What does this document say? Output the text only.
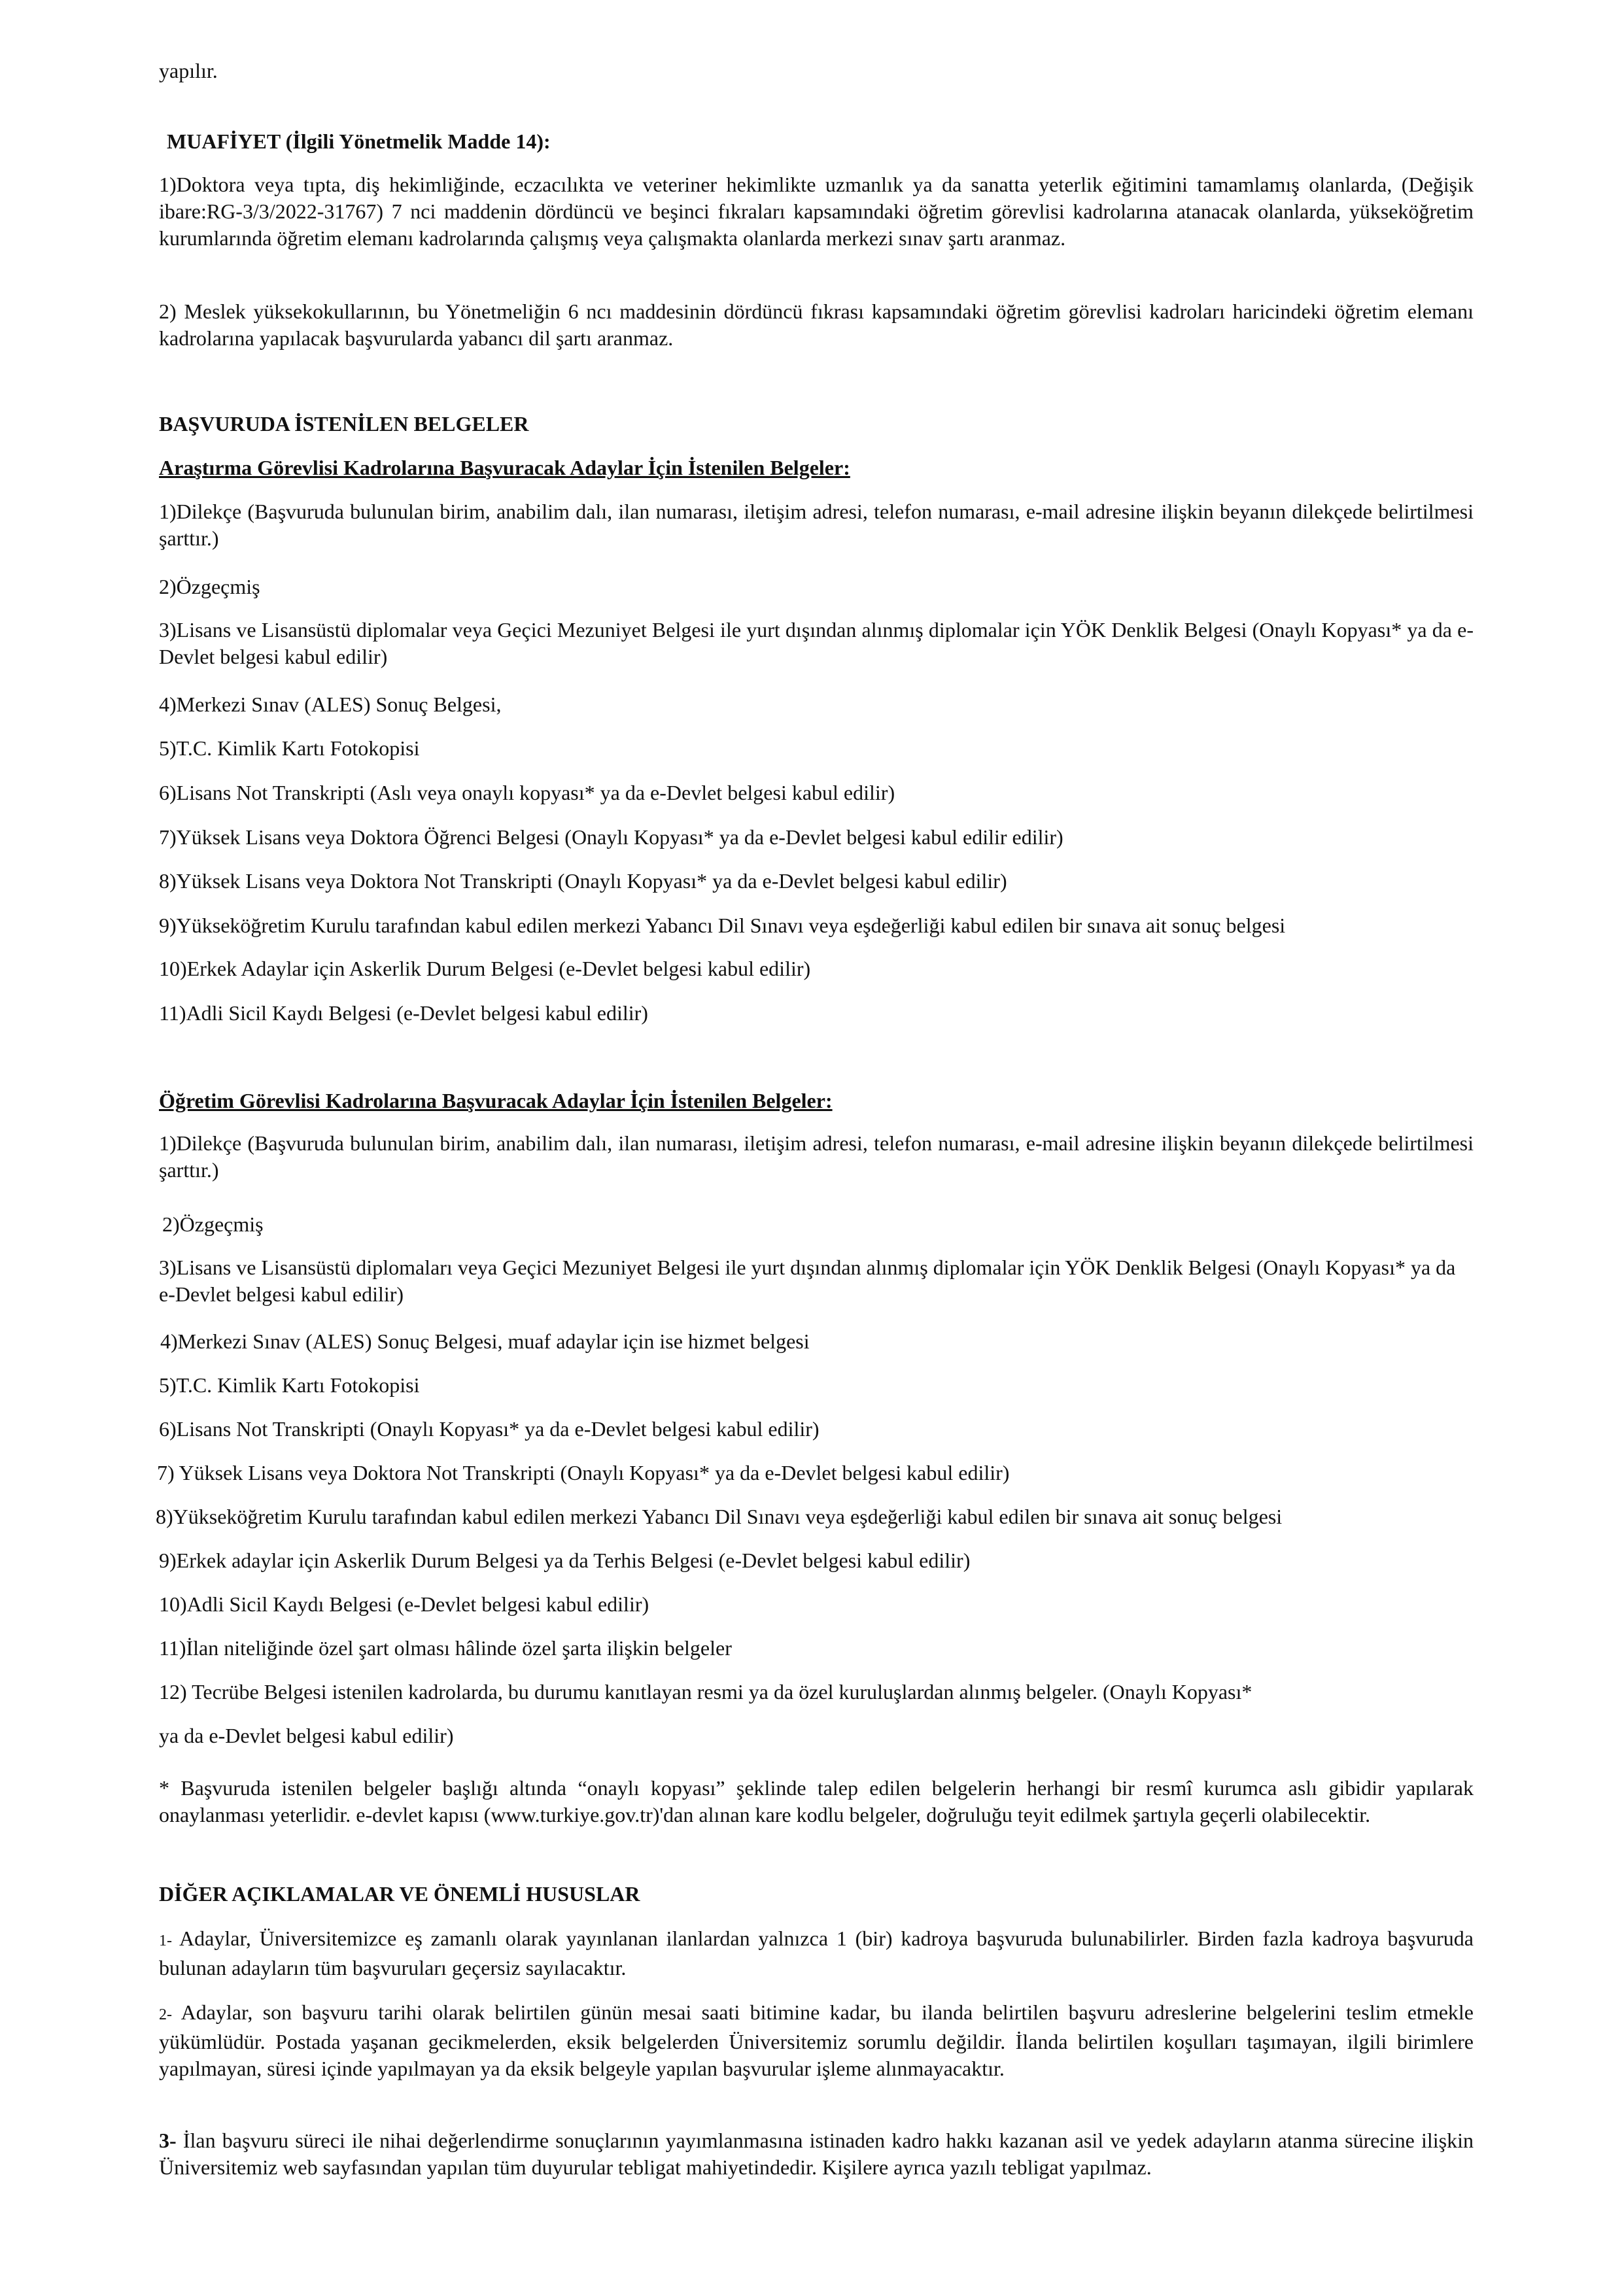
yapılır.

MUAFİYET (İlgili Yönetmelik Madde 14):

1)Doktora veya tıpta, diş hekimliğinde, eczacılıkta ve veteriner hekimlikte uzmanlık ya da sanatta yeterlik eğitimini tamamlamış olanlarda, (Değişik ibare:RG-3/3/2022-31767) 7 nci maddenin dördüncü ve beşinci fıkraları kapsamındaki öğretim görevlisi kadrolarına atanacak olanlarda, yükseköğretim kurumlarında öğretim elemanı kadrolarında çalışmış veya çalışmakta olanlarda merkezi sınav şartı aranmaz.

2) Meslek yüksekokullarının, bu Yönetmeliğin 6 ncı maddesinin dördüncü fıkrası kapsamındaki öğretim görevlisi kadroları haricindeki öğretim elemanı kadrolarına yapılacak başvurularda yabancı dil şartı aranmaz.

BAŞVURUDA İSTENİLEN BELGELER

Araştırma Görevlisi Kadrolarına Başvuracak Adaylar İçin İstenilen Belgeler:

1)Dilekçe (Başvuruda bulunulan birim, anabilim dalı, ilan numarası, iletişim adresi, telefon numarası, e-mail adresine ilişkin beyanın dilekçede belirtilmesi şarttır.)

2)Özgeçmiş

3)Lisans ve Lisansüstü diplomalar veya Geçici Mezuniyet Belgesi ile yurt dışından alınmış diplomalar için YÖK Denklik Belgesi (Onaylı Kopyası* ya da e-Devlet belgesi kabul edilir)

4)Merkezi Sınav (ALES) Sonuç Belgesi,

5)T.C. Kimlik Kartı Fotokopisi

6)Lisans Not Transkripti (Aslı veya onaylı kopyası* ya da e-Devlet belgesi kabul edilir)

7)Yüksek Lisans veya Doktora Öğrenci Belgesi (Onaylı Kopyası* ya da e-Devlet belgesi kabul edilir edilir)

8)Yüksek Lisans veya Doktora Not Transkripti (Onaylı Kopyası* ya da e-Devlet belgesi kabul edilir)

9)Yükseköğretim Kurulu tarafından kabul edilen merkezi Yabancı Dil Sınavı veya eşdeğerliği kabul edilen bir sınava ait sonuç belgesi

10)Erkek Adaylar için Askerlik Durum Belgesi (e-Devlet belgesi kabul edilir)

11)Adli Sicil Kaydı Belgesi (e-Devlet belgesi kabul edilir)

Öğretim Görevlisi Kadrolarına Başvuracak Adaylar İçin İstenilen Belgeler:

1)Dilekçe (Başvuruda bulunulan birim, anabilim dalı, ilan numarası, iletişim adresi, telefon numarası, e-mail adresine ilişkin beyanın dilekçede belirtilmesi şarttır.)

2)Özgeçmiş

3)Lisans ve Lisansüstü diplomaları veya Geçici Mezuniyet Belgesi ile yurt dışından alınmış diplomalar için YÖK Denklik Belgesi (Onaylı Kopyası* ya da e-Devlet belgesi kabul edilir)

4)Merkezi Sınav (ALES) Sonuç Belgesi, muaf adaylar için ise hizmet belgesi

5)T.C. Kimlik Kartı Fotokopisi

6)Lisans Not Transkripti (Onaylı Kopyası* ya da e-Devlet belgesi kabul edilir)

7) Yüksek Lisans veya Doktora Not Transkripti (Onaylı Kopyası* ya da e-Devlet belgesi kabul edilir)

8)Yükseköğretim Kurulu tarafından kabul edilen merkezi Yabancı Dil Sınavı veya eşdeğerliği kabul edilen bir sınava ait sonuç belgesi

9)Erkek adaylar için Askerlik Durum Belgesi ya da Terhis Belgesi (e-Devlet belgesi kabul edilir)

10)Adli Sicil Kaydı Belgesi (e-Devlet belgesi kabul edilir)

11)İlan niteliğinde özel şart olması hâlinde özel şarta ilişkin belgeler

12) Tecrübe Belgesi istenilen kadrolarda, bu durumu kanıtlayan resmi ya da özel kuruluşlardan alınmış belgeler. (Onaylı Kopyası*

ya da e-Devlet belgesi kabul edilir)

* Başvuruda istenilen belgeler başlığı altında “onaylı kopyası” şeklinde talep edilen belgelerin herhangi bir resmî kurumca aslı gibidir yapılarak onaylanması yeterlidir. e-devlet kapısı (www.turkiye.gov.tr)'dan alınan kare kodlu belgeler, doğruluğu teyit edilmek şartıyla geçerli olabilecektir.

DİĞER AÇIKLAMALAR VE ÖNEMLİ HUSUSLAR

1- Adaylar, Üniversitemizce eş zamanlı olarak yayınlanan ilanlardan yalnızca 1 (bir) kadroya başvuruda bulunabilirler. Birden fazla kadroya başvuruda bulunan adayların tüm başvuruları geçersiz sayılacaktır.

2- Adaylar, son başvuru tarihi olarak belirtilen günün mesai saati bitimine kadar, bu ilanda belirtilen başvuru adreslerine belgelerini teslim etmekle yükümlüdür. Postada yaşanan gecikmelerden, eksik belgelerden Üniversitemiz sorumlu değildir. İlanda belirtilen koşulları taşımayan, ilgili birimlere yapılmayan, süresi içinde yapılmayan ya da eksik belgeyle yapılan başvurular işleme alınmayacaktır.

3- İlan başvuru süreci ile nihai değerlendirme sonuçlarının yayımlanmasına istinaden kadro hakkı kazanan asil ve yedek adayların atanma sürecine ilişkin Üniversitemiz web sayfasından yapılan tüm duyurular tebligat mahiyetindedir. Kişilere ayrıca yazılı tebligat yapılmaz.
